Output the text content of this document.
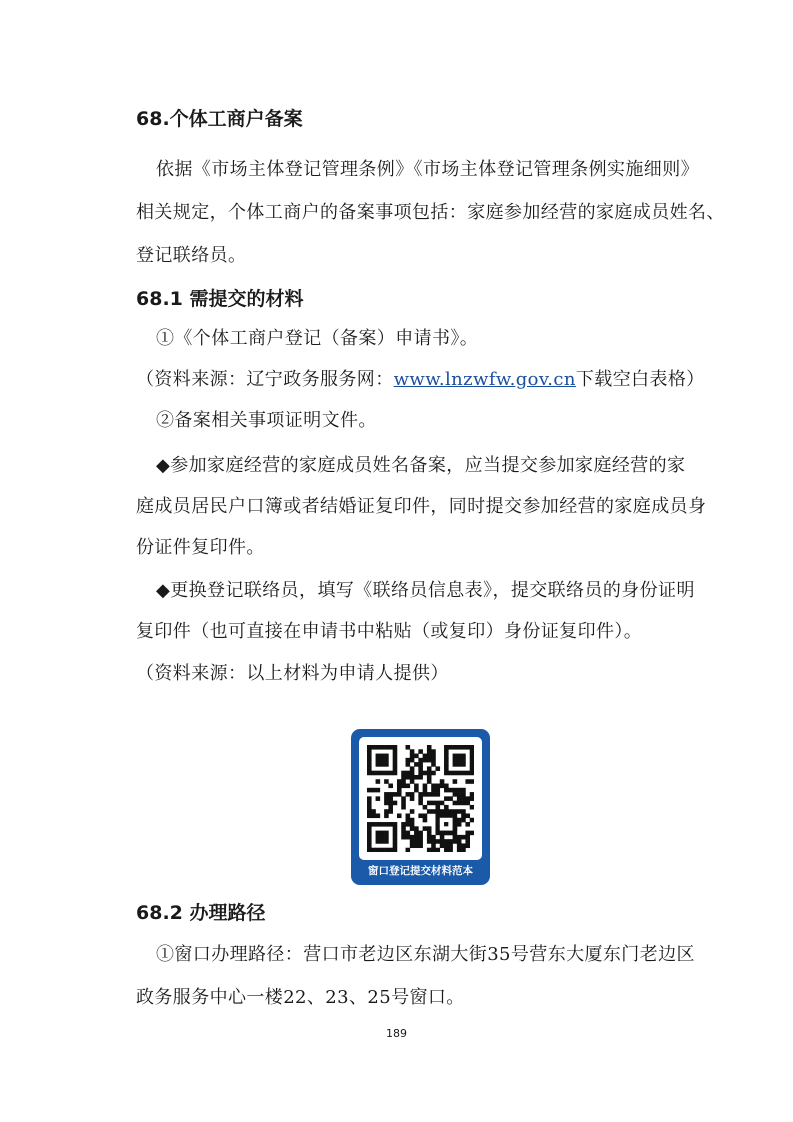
68.个体工商户备案
依据《市场主体登记管理条例》《市场主体登记管理条例实施细则》
相关规定，个体工商户的备案事项包括：家庭参加经营的家庭成员姓名、
登记联络员。
68.1 需提交的材料
①《个体工商户登记（备案）申请书》。
（资料来源：辽宁政务服务网：www.lnzwfw.gov.cn下载空白表格）
②备案相关事项证明文件。
◆参加家庭经营的家庭成员姓名备案，应当提交参加家庭经营的家
庭成员居民户口簿或者结婚证复印件，同时提交参加经营的家庭成员身
份证件复印件。
◆更换登记联络员，填写《联络员信息表》，提交联络员的身份证明
复印件（也可直接在申请书中粘贴（或复印）身份证复印件）。
（资料来源：以上材料为申请人提供）
窗口登记提交材料范本
68.2 办理路径
①窗口办理路径：营口市老边区东湖大街35号营东大厦东门老边区
政务服务中心一楼22、23、25号窗口。
189
